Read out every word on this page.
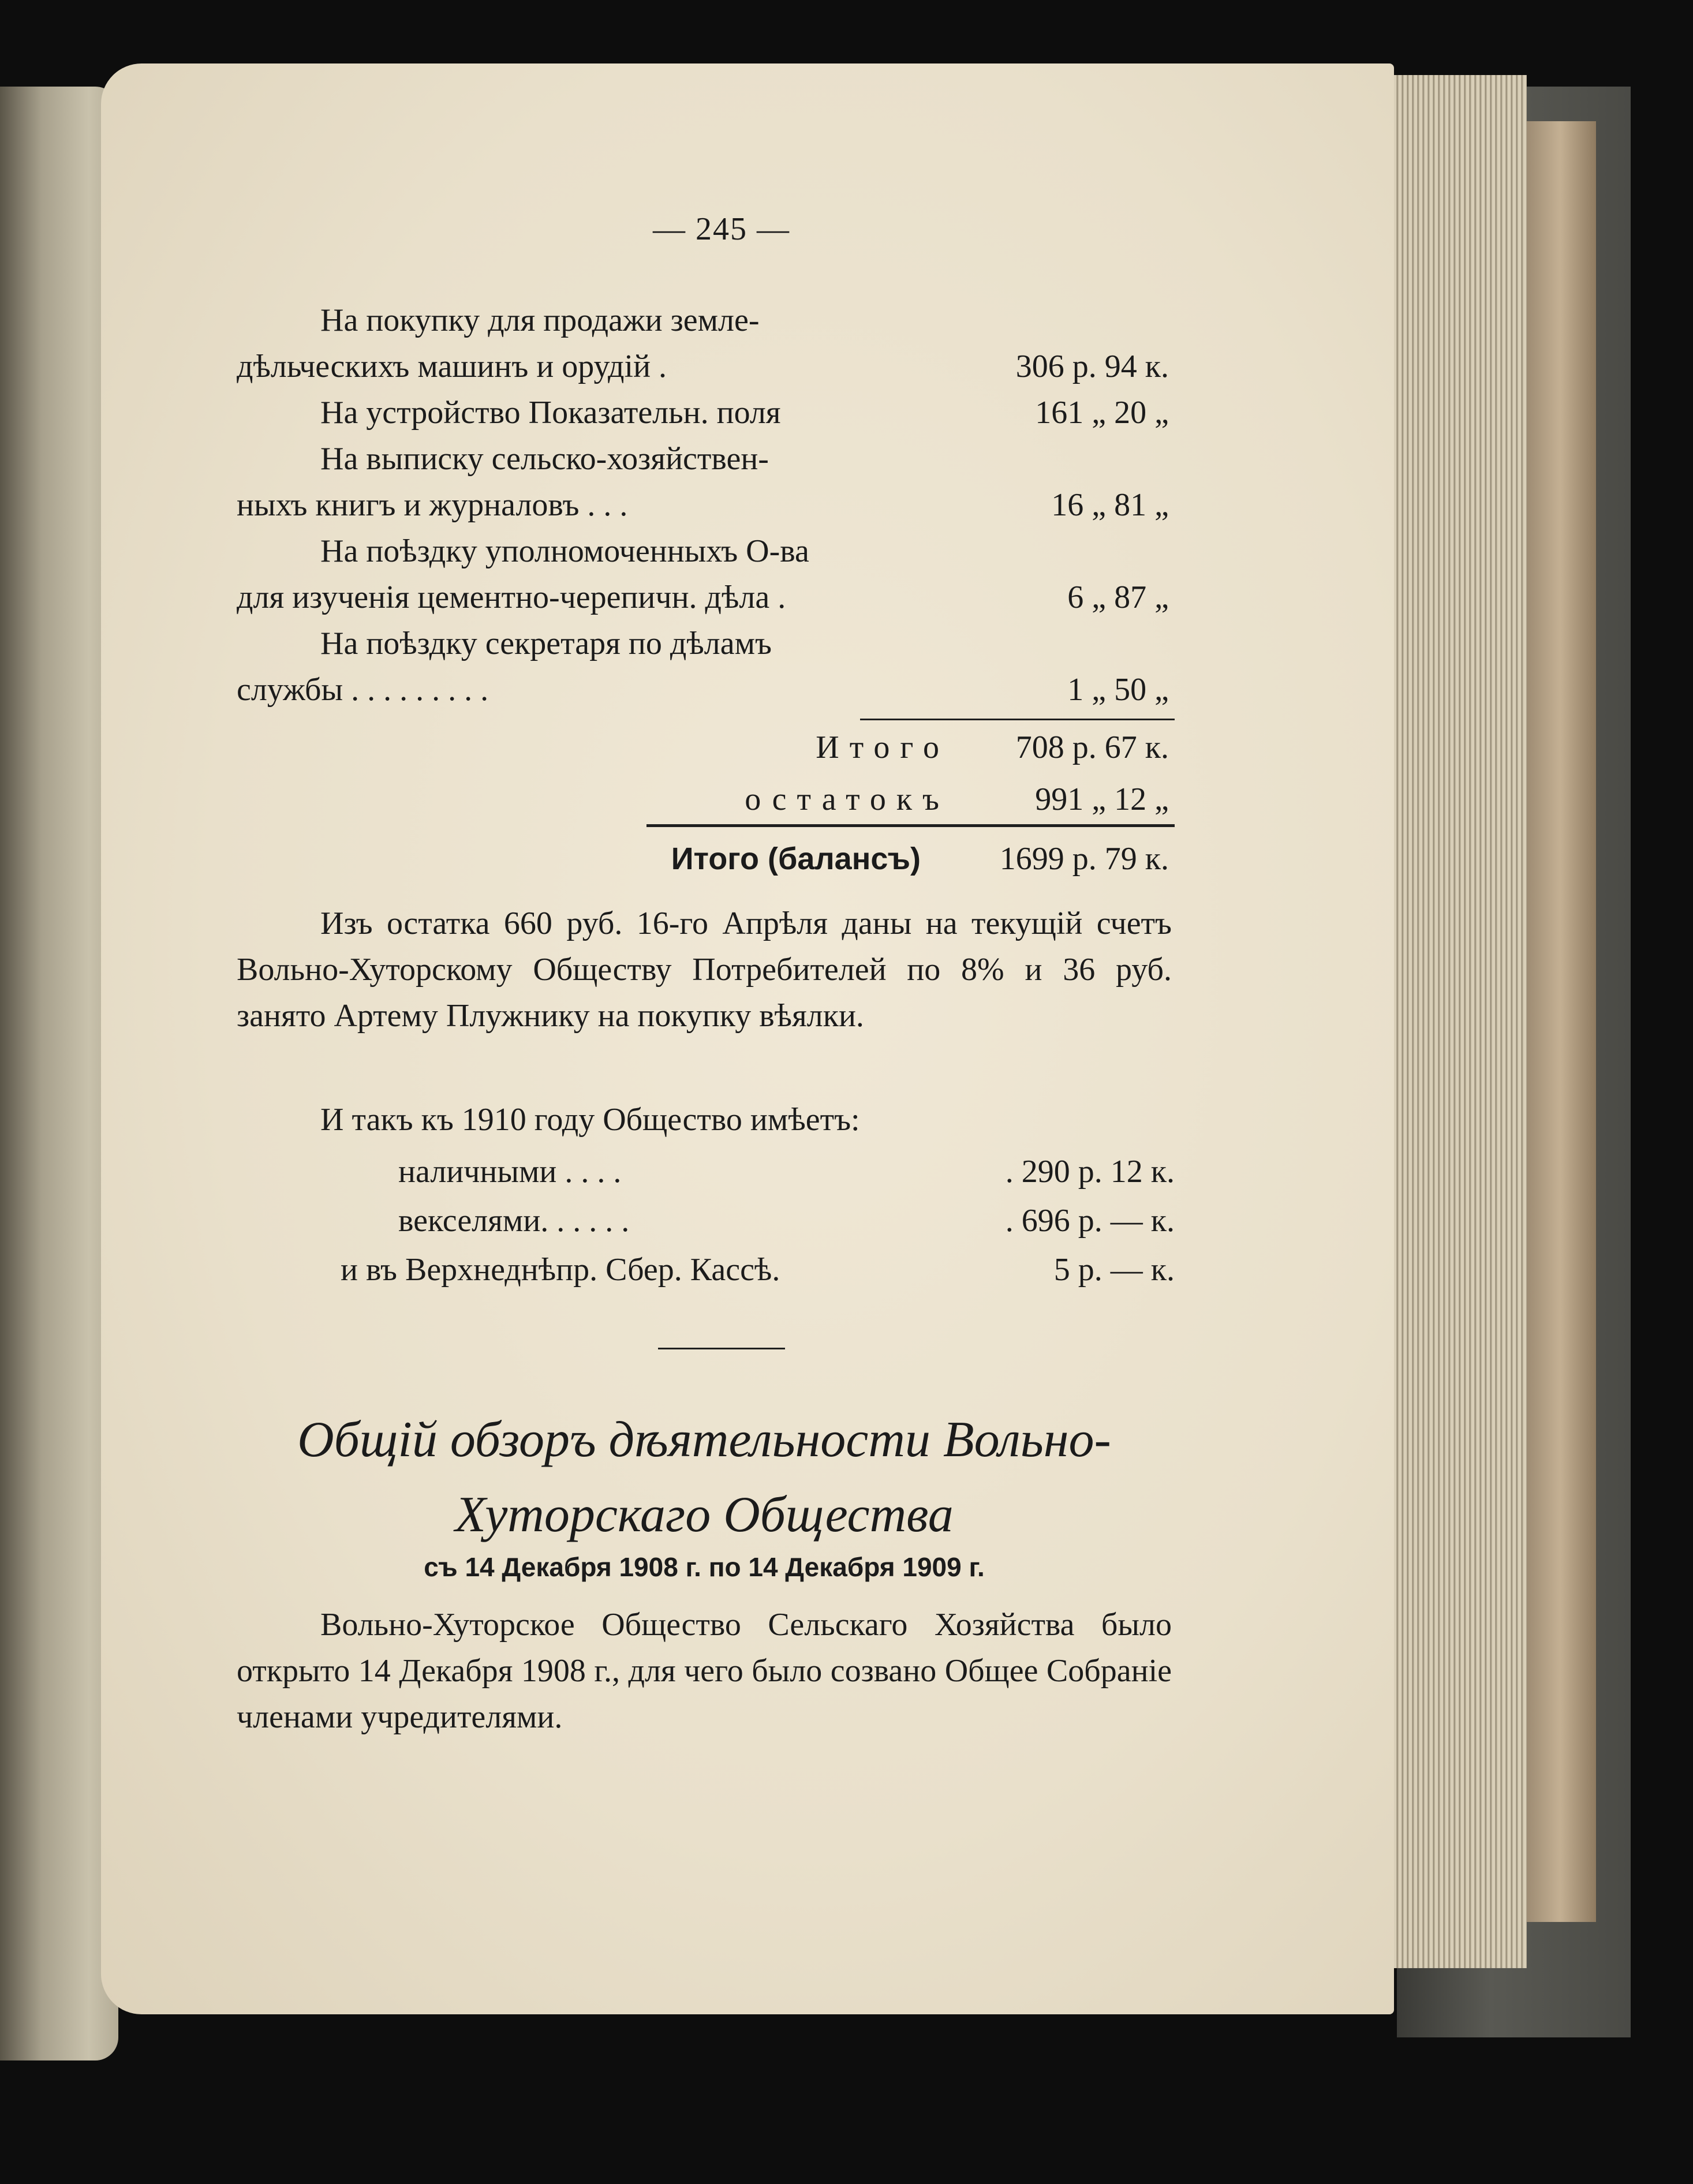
— 245 —
На покупку для продажи земле-
дѣльческихъ машинъ и орудій .	306 р. 94 к.
На устройство Показательн. поля	161 „ 20 „
На выписку сельско-хозяйствен-
ныхъ книгъ и журналовъ . . .	16 „ 81 „
На поѣздку уполномоченныхъ О-ва
для изученія цементно-черепичн. дѣла .	6 „ 87 „
На поѣздку секретаря по дѣламъ
службы . . . . . . . . .	1 „ 50 „
Итого 708 р. 67 к.
остатокъ	991 „ 12 „
Итого (балансъ) 1699 р. 79 к.

Изъ остатка 660 руб. 16-го Апрѣля даны на текущій счетъ Вольно-Хуторскому Обществу Потребителей по 8% и 36 руб. занято Артему Плужнику на покупку вѣялки.

И такъ къ 1910 году Общество имѣетъ:

наличными . . . .	. 290 р. 12 к.
векселями. . . . . .	. 696 р. — к.
и въ Верхнеднѣпр. Сбер. Кассѣ.	5 р. — к.
Общій обзоръ дѣятельности Вольно-
Хуторскаго Общества
съ 14 Декабря 1908 г. по 14 Декабря 1909 г.

Вольно-Хуторское Общество Сельскаго Хозяйства было открыто 14 Декабря 1908 г., для чего было созвано Общее Собраніе членами учредителями.
